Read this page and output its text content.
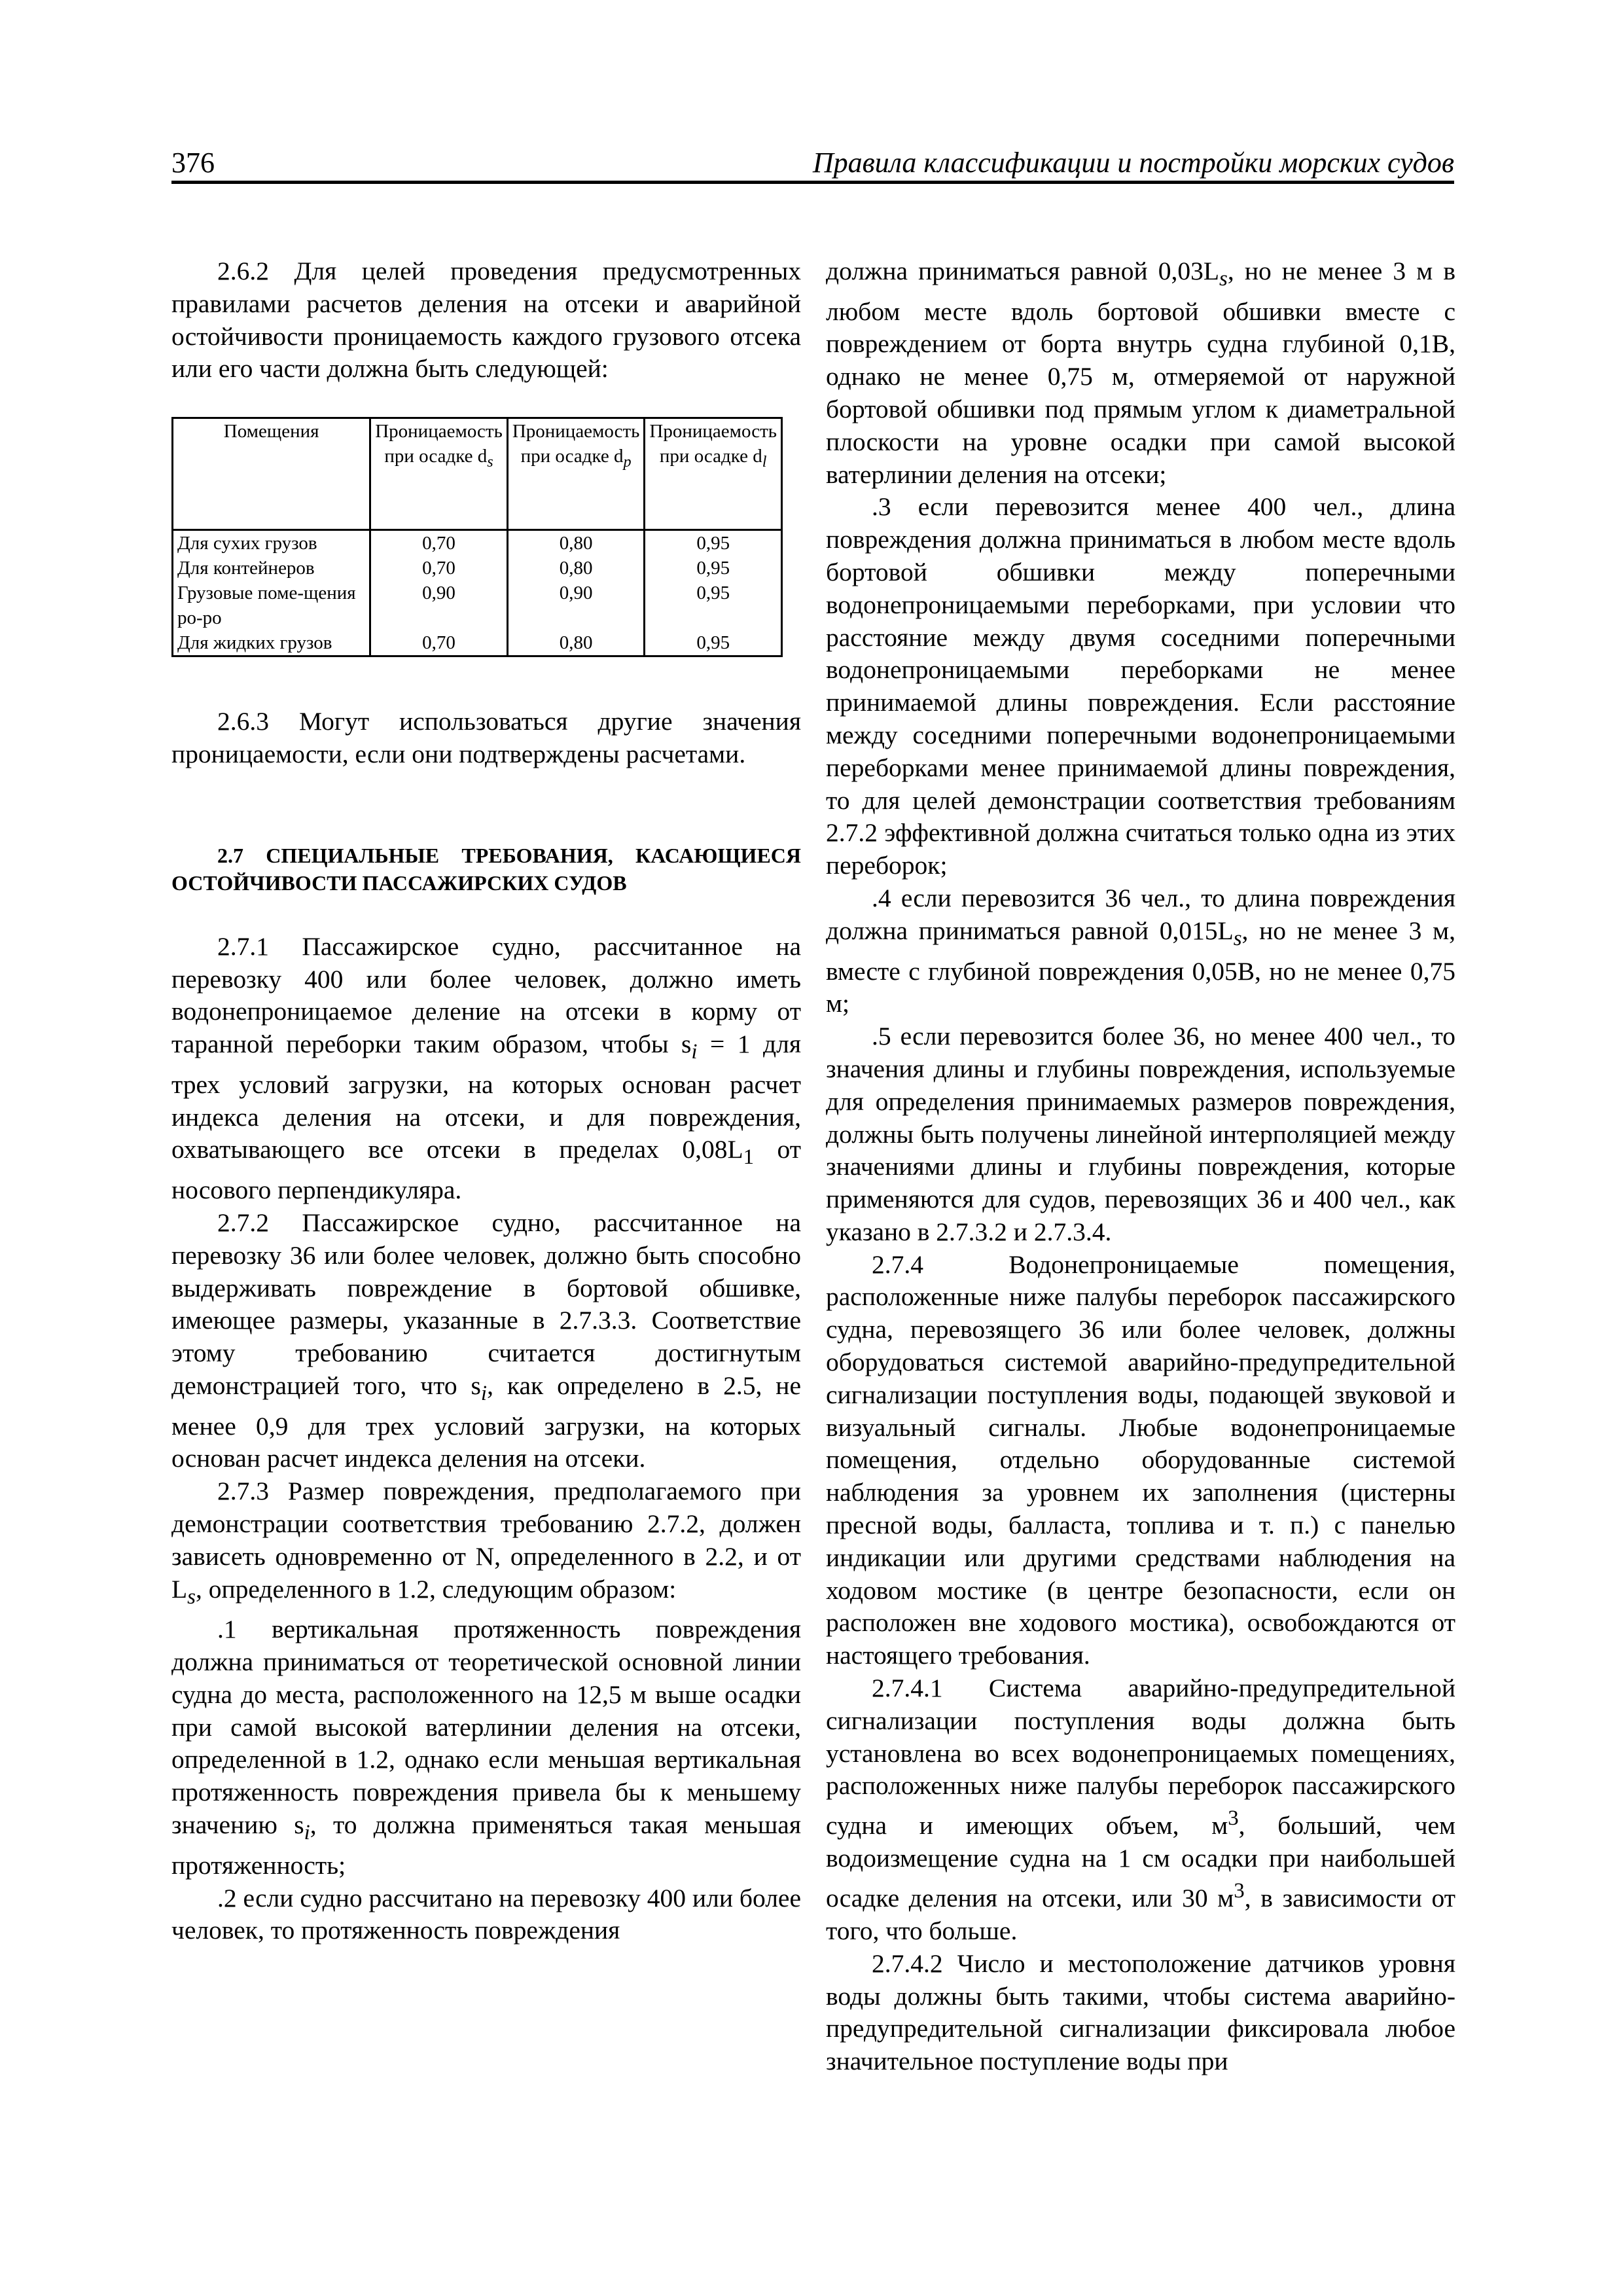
376	Правила классификации и постройки морских судов

2.6.2 Для целей проведения предусмотренных правилами расчетов деления на отсеки и аварийной остойчивости проницаемость каждого грузового отсека или его части должна быть следующей:

Помещения	Проницаемость при осадке $d_s$	Проницаемость при осадке $d_p$	Проницаемость при осадке $d_l$
Для сухих грузов	0,70	0,80	0,95
Для контейнеров	0,70	0,80	0,95
Грузовые поме-щения ро-ро	0,90	0,90	0,95
Для жидких грузов	0,70	0,80	0,95

2.6.3 Могут использоваться другие значения проницаемости, если они подтверждены расчетами.

2.7 СПЕЦИАЛЬНЫЕ ТРЕБОВАНИЯ, КАСАЮЩИЕСЯ ОСТОЙЧИВОСТИ ПАССАЖИРСКИХ СУДОВ

2.7.1 Пассажирское судно, рассчитанное на перевозку 400 или более человек, должно иметь водонепроницаемое деление на отсеки в корму от таранной переборки таким образом, чтобы $s_i = 1$ для трех условий загрузки, на которых основан расчет индекса деления на отсеки, и для повреждения, охватывающего все отсеки в пределах $0,08L_1$ от носового перпендикуляра.

2.7.2 Пассажирское судно, рассчитанное на перевозку 36 или более человек, должно быть способно выдерживать повреждение в бортовой обшивке, имеющее размеры, указанные в 2.7.3.3. Соответствие этому требованию считается достигнутым демонстрацией того, что $s_i$, как определено в 2.5, не менее 0,9 для трех условий загрузки, на которых основан расчет индекса деления на отсеки.

2.7.3 Размер повреждения, предполагаемого при демонстрации соответствия требованию 2.7.2, должен зависеть одновременно от N, определенного в 2.2, и от $L_s$, определенного в 1.2, следующим образом:

.1 вертикальная протяженность повреждения должна приниматься от теоретической основной линии судна до места, расположенного на 12,5 м выше осадки при самой высокой ватерлинии деления на отсеки, определенной в 1.2, однако если меньшая вертикальная протяженность повреждения привела бы к меньшему значению $s_i$, то должна применяться такая меньшая протяженность;

.2 если судно рассчитано на перевозку 400 или более человек, то протяженность повреждения

должна приниматься равной $0,03L_s$, но не менее 3 м в любом месте вдоль бортовой обшивки вместе с повреждением от борта внутрь судна глубиной 0,1B, однако не менее 0,75 м, отмеряемой от наружной бортовой обшивки под прямым углом к диаметральной плоскости на уровне осадки при самой высокой ватерлинии деления на отсеки;

.3 если перевозится менее 400 чел., длина повреждения должна приниматься в любом месте вдоль бортовой обшивки между поперечными водонепроницаемыми переборками, при условии что расстояние между двумя соседними поперечными водонепроницаемыми переборками не менее принимаемой длины повреждения. Если расстояние между соседними поперечными водонепроницаемыми переборками менее принимаемой длины повреждения, то для целей демонстрации соответствия требованиям 2.7.2 эффективной должна считаться только одна из этих переборок;

.4 если перевозится 36 чел., то длина повреждения должна приниматься равной $0,015L_s$, но не менее 3 м, вместе с глубиной повреждения 0,05B, но не менее 0,75 м;

.5 если перевозится более 36, но менее 400 чел., то значения длины и глубины повреждения, используемые для определения принимаемых размеров повреждения, должны быть получены линейной интерполяцией между значениями длины и глубины повреждения, которые применяются для судов, перевозящих 36 и 400 чел., как указано в 2.7.3.2 и 2.7.3.4.

2.7.4 Водонепроницаемые помещения, расположенные ниже палубы переборок пассажирского судна, перевозящего 36 или более человек, должны оборудоваться системой аварийно-предупредительной сигнализации поступления воды, подающей звуковой и визуальный сигналы. Любые водонепроницаемые помещения, отдельно оборудованные системой наблюдения за уровнем их заполнения (цистерны пресной воды, балласта, топлива и т. п.) с панелью индикации или другими средствами наблюдения на ходовом мостике (в центре безопасности, если он расположен вне ходового мостика), освобождаются от настоящего требования.

2.7.4.1 Система аварийно-предупредительной сигнализации поступления воды должна быть установлена во всех водонепроницаемых помещениях, расположенных ниже палубы переборок пассажирского судна и имеющих объем, $м^3$, больший, чем водоизмещение судна на 1 см осадки при наибольшей осадке деления на отсеки, или 30 $м^3$, в зависимости от того, что больше.

2.7.4.2 Число и местоположение датчиков уровня воды должны быть такими, чтобы система аварийно-предупредительной сигнализации фиксировала любое значительное поступление воды при
